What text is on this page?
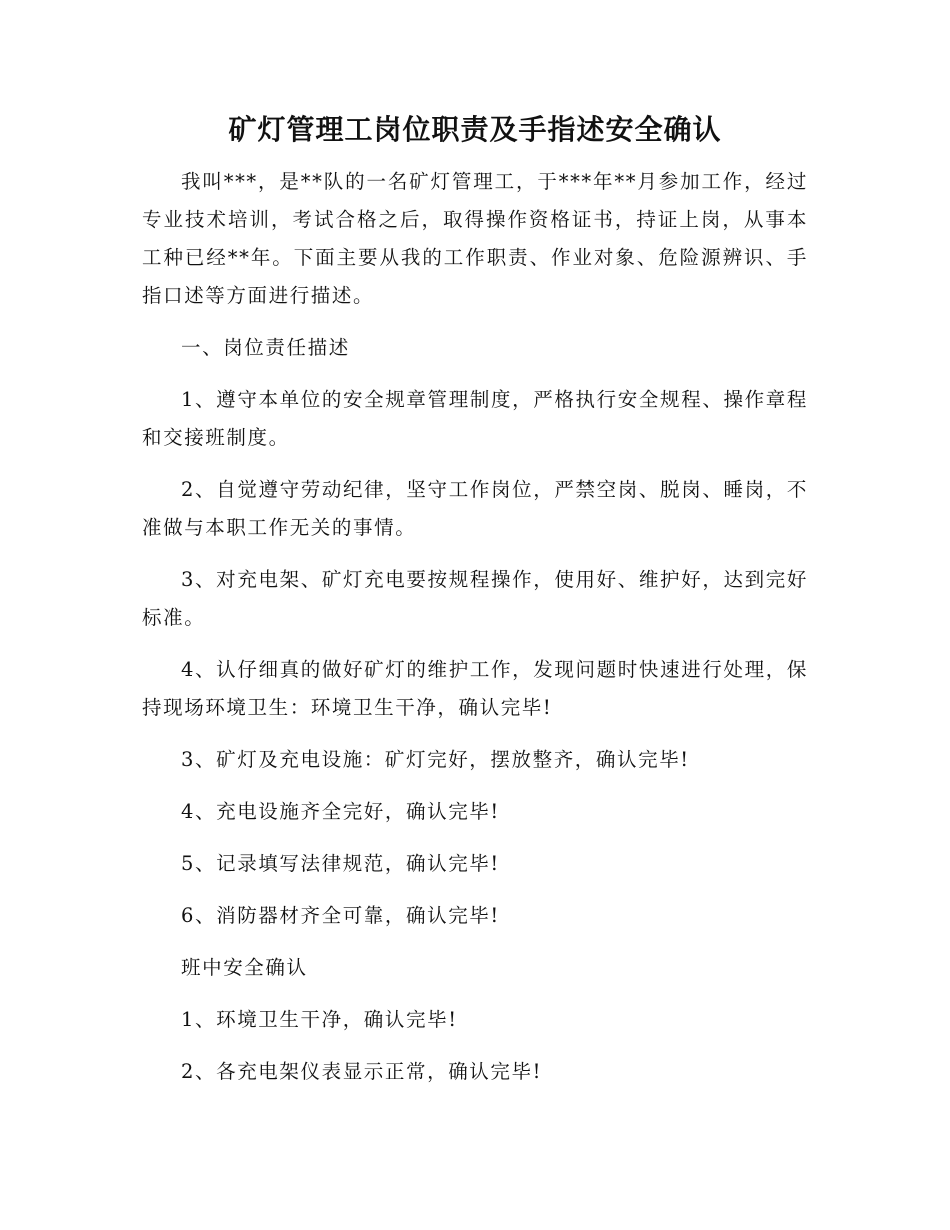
矿灯管理工岗位职责及手指述安全确认

我叫***，是**队的一名矿灯管理工，于***年**月参加工作，经过专业技术培训，考试合格之后，取得操作资格证书，持证上岗，从事本工种已经**年。下面主要从我的工作职责、作业对象、危险源辨识、手指口述等方面进行描述。

一、岗位责任描述

1、遵守本单位的安全规章管理制度，严格执行安全规程、操作章程和交接班制度。

2、自觉遵守劳动纪律，坚守工作岗位，严禁空岗、脱岗、睡岗，不准做与本职工作无关的事情。

3、对充电架、矿灯充电要按规程操作，使用好、维护好，达到完好标准。

4、认仔细真的做好矿灯的维护工作，发现问题时快速进行处理，保持现场环境卫生：环境卫生干净，确认完毕!

3、矿灯及充电设施：矿灯完好，摆放整齐，确认完毕!

4、充电设施齐全完好，确认完毕!

5、记录填写法律规范，确认完毕!

6、消防器材齐全可靠，确认完毕!

班中安全确认

1、环境卫生干净，确认完毕!

2、各充电架仪表显示正常，确认完毕!
